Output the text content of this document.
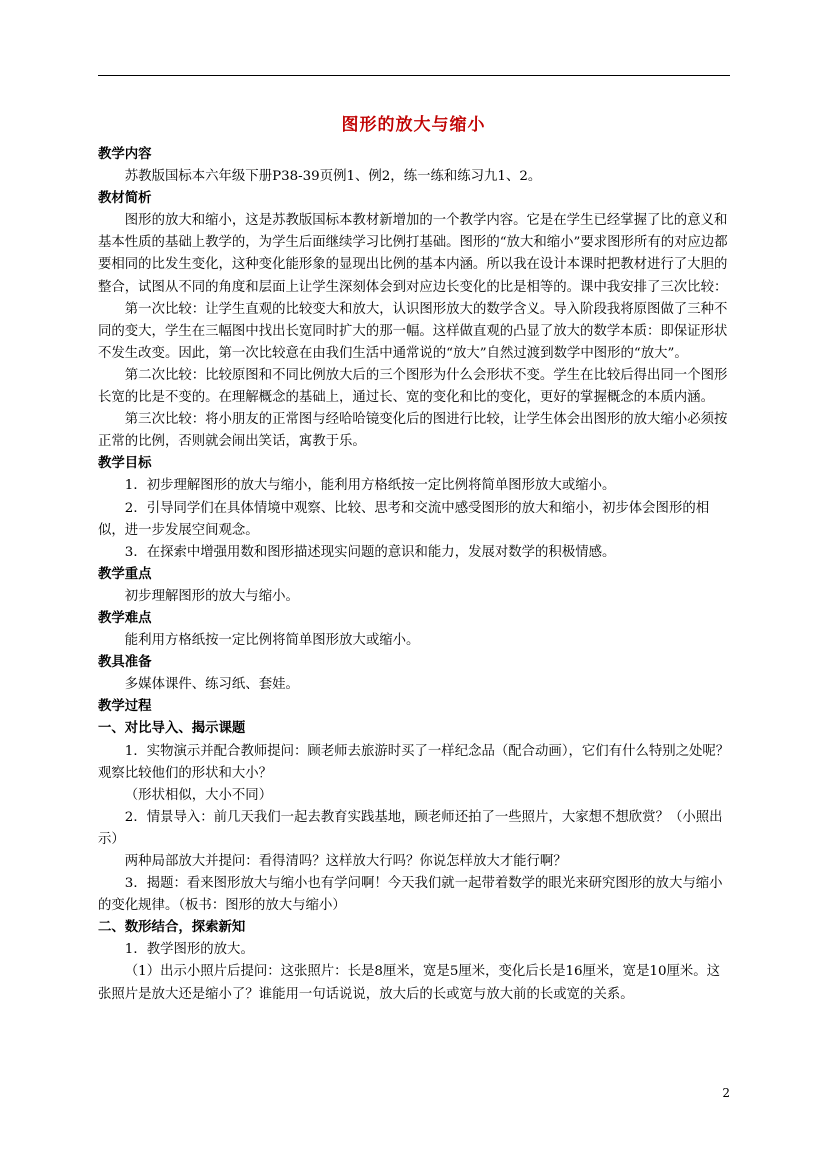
图形的放大与缩小

教学内容

苏教版国标本六年级下册P38-39页例1、例2，练一练和练习九1、2。

教材简析

图形的放大和缩小，这是苏教版国标本教材新增加的一个教学内容。它是在学生已经掌握了比的意义和基本性质的基础上教学的，为学生后面继续学习比例打基础。图形的“放大和缩小”要求图形所有的对应边都要相同的比发生变化，这种变化能形象的显现出比例的基本内涵。所以我在设计本课时把教材进行了大胆的整合，试图从不同的角度和层面上让学生深刻体会到对应边长变化的比是相等的。课中我安排了三次比较：

第一次比较：让学生直观的比较变大和放大，认识图形放大的数学含义。导入阶段我将原图做了三种不同的变大，学生在三幅图中找出长宽同时扩大的那一幅。这样做直观的凸显了放大的数学本质：即保证形状不发生改变。因此，第一次比较意在由我们生活中通常说的“放大”自然过渡到数学中图形的“放大”。

第二次比较：比较原图和不同比例放大后的三个图形为什么会形状不变。学生在比较后得出同一个图形长宽的比是不变的。在理解概念的基础上，通过长、宽的变化和比的变化，更好的掌握概念的本质内涵。

第三次比较：将小朋友的正常图与经哈哈镜变化后的图进行比较，让学生体会出图形的放大缩小必须按正常的比例，否则就会闹出笑话，寓教于乐。

教学目标

1．初步理解图形的放大与缩小，能利用方格纸按一定比例将简单图形放大或缩小。

2．引导同学们在具体情境中观察、比较、思考和交流中感受图形的放大和缩小，初步体会图形的相似，进一步发展空间观念。

3．在探索中增强用数和图形描述现实问题的意识和能力，发展对数学的积极情感。

教学重点

初步理解图形的放大与缩小。

教学难点

能利用方格纸按一定比例将简单图形放大或缩小。

教具准备

多媒体课件、练习纸、套娃。

教学过程

一、对比导入、揭示课题

1．实物演示并配合教师提问：顾老师去旅游时买了一样纪念品（配合动画），它们有什么特别之处呢？观察比较他们的形状和大小？

（形状相似，大小不同）

2．情景导入：前几天我们一起去教育实践基地，顾老师还拍了一些照片，大家想不想欣赏？（小照出示）

两种局部放大并提问：看得清吗？这样放大行吗？你说怎样放大才能行啊？

3．揭题：看来图形放大与缩小也有学问啊！今天我们就一起带着数学的眼光来研究图形的放大与缩小的变化规律。（板书：图形的放大与缩小）

二、数形结合，探索新知

1．教学图形的放大。

（1）出示小照片后提问：这张照片：长是8厘米，宽是5厘米，变化后长是16厘米，宽是10厘米。这张照片是放大还是缩小了？谁能用一句话说说，放大后的长或宽与放大前的长或宽的关系。

2
